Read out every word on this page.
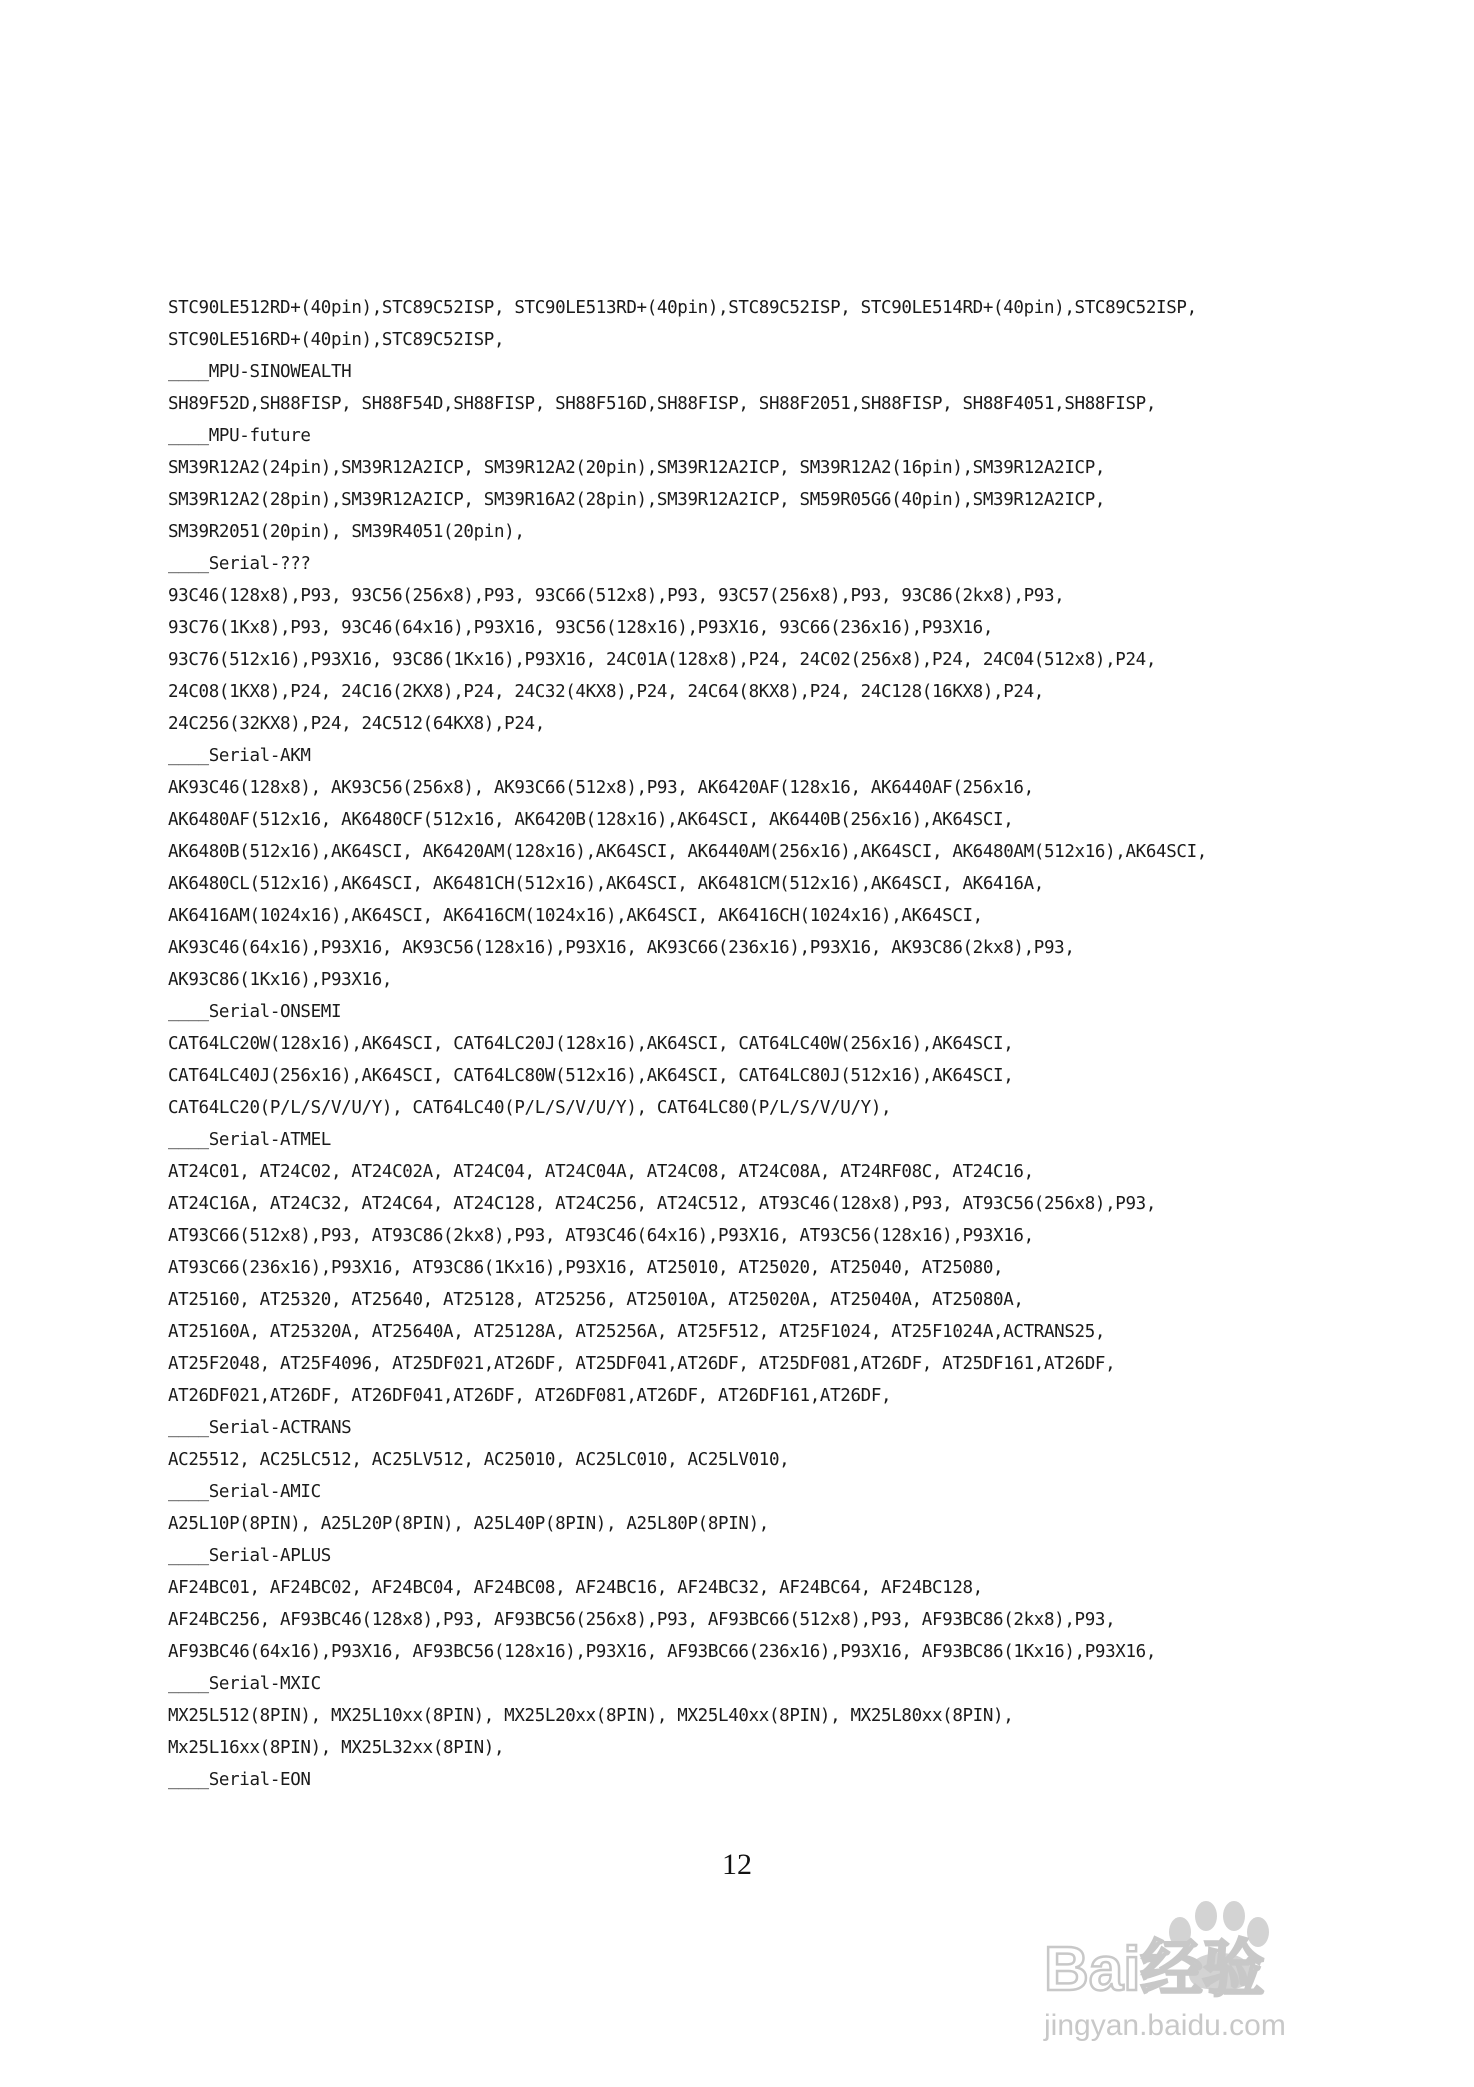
STC90LE512RD+(40pin),STC89C52ISP, STC90LE513RD+(40pin),STC89C52ISP, STC90LE514RD+(40pin),STC89C52ISP,
STC90LE516RD+(40pin),STC89C52ISP,
____MPU-SINOWEALTH
SH89F52D,SH88FISP, SH88F54D,SH88FISP, SH88F516D,SH88FISP, SH88F2051,SH88FISP, SH88F4051,SH88FISP,
____MPU-future
SM39R12A2(24pin),SM39R12A2ICP, SM39R12A2(20pin),SM39R12A2ICP, SM39R12A2(16pin),SM39R12A2ICP,
SM39R12A2(28pin),SM39R12A2ICP, SM39R16A2(28pin),SM39R12A2ICP, SM59R05G6(40pin),SM39R12A2ICP,
SM39R2051(20pin), SM39R4051(20pin),
____Serial-???
93C46(128x8),P93, 93C56(256x8),P93, 93C66(512x8),P93, 93C57(256x8),P93, 93C86(2kx8),P93,
93C76(1Kx8),P93, 93C46(64x16),P93X16, 93C56(128x16),P93X16, 93C66(236x16),P93X16,
93C76(512x16),P93X16, 93C86(1Kx16),P93X16, 24C01A(128x8),P24, 24C02(256x8),P24, 24C04(512x8),P24,
24C08(1KX8),P24, 24C16(2KX8),P24, 24C32(4KX8),P24, 24C64(8KX8),P24, 24C128(16KX8),P24,
24C256(32KX8),P24, 24C512(64KX8),P24,
____Serial-AKM
AK93C46(128x8), AK93C56(256x8), AK93C66(512x8),P93, AK6420AF(128x16, AK6440AF(256x16,
AK6480AF(512x16, AK6480CF(512x16, AK6420B(128x16),AK64SCI, AK6440B(256x16),AK64SCI,
AK6480B(512x16),AK64SCI, AK6420AM(128x16),AK64SCI, AK6440AM(256x16),AK64SCI, AK6480AM(512x16),AK64SCI,
AK6480CL(512x16),AK64SCI, AK6481CH(512x16),AK64SCI, AK6481CM(512x16),AK64SCI, AK6416A,
AK6416AM(1024x16),AK64SCI, AK6416CM(1024x16),AK64SCI, AK6416CH(1024x16),AK64SCI,
AK93C46(64x16),P93X16, AK93C56(128x16),P93X16, AK93C66(236x16),P93X16, AK93C86(2kx8),P93,
AK93C86(1Kx16),P93X16,
____Serial-ONSEMI
CAT64LC20W(128x16),AK64SCI, CAT64LC20J(128x16),AK64SCI, CAT64LC40W(256x16),AK64SCI,
CAT64LC40J(256x16),AK64SCI, CAT64LC80W(512x16),AK64SCI, CAT64LC80J(512x16),AK64SCI,
CAT64LC20(P/L/S/V/U/Y), CAT64LC40(P/L/S/V/U/Y), CAT64LC80(P/L/S/V/U/Y),
____Serial-ATMEL
AT24C01, AT24C02, AT24C02A, AT24C04, AT24C04A, AT24C08, AT24C08A, AT24RF08C, AT24C16,
AT24C16A, AT24C32, AT24C64, AT24C128, AT24C256, AT24C512, AT93C46(128x8),P93, AT93C56(256x8),P93,
AT93C66(512x8),P93, AT93C86(2kx8),P93, AT93C46(64x16),P93X16, AT93C56(128x16),P93X16,
AT93C66(236x16),P93X16, AT93C86(1Kx16),P93X16, AT25010, AT25020, AT25040, AT25080,
AT25160, AT25320, AT25640, AT25128, AT25256, AT25010A, AT25020A, AT25040A, AT25080A,
AT25160A, AT25320A, AT25640A, AT25128A, AT25256A, AT25F512, AT25F1024, AT25F1024A,ACTRANS25,
AT25F2048, AT25F4096, AT25DF021,AT26DF, AT25DF041,AT26DF, AT25DF081,AT26DF, AT25DF161,AT26DF,
AT26DF021,AT26DF, AT26DF041,AT26DF, AT26DF081,AT26DF, AT26DF161,AT26DF,
____Serial-ACTRANS
AC25512, AC25LC512, AC25LV512, AC25010, AC25LC010, AC25LV010,
____Serial-AMIC
A25L10P(8PIN), A25L20P(8PIN), A25L40P(8PIN), A25L80P(8PIN),
____Serial-APLUS
AF24BC01, AF24BC02, AF24BC04, AF24BC08, AF24BC16, AF24BC32, AF24BC64, AF24BC128,
AF24BC256, AF93BC46(128x8),P93, AF93BC56(256x8),P93, AF93BC66(512x8),P93, AF93BC86(2kx8),P93,
AF93BC46(64x16),P93X16, AF93BC56(128x16),P93X16, AF93BC66(236x16),P93X16, AF93BC86(1Kx16),P93X16,
____Serial-MXIC
MX25L512(8PIN), MX25L10xx(8PIN), MX25L20xx(8PIN), MX25L40xx(8PIN), MX25L80xx(8PIN),
Mx25L16xx(8PIN), MX25L32xx(8PIN),
____Serial-EON
12
Bai经验
jingyan.baidu.com
